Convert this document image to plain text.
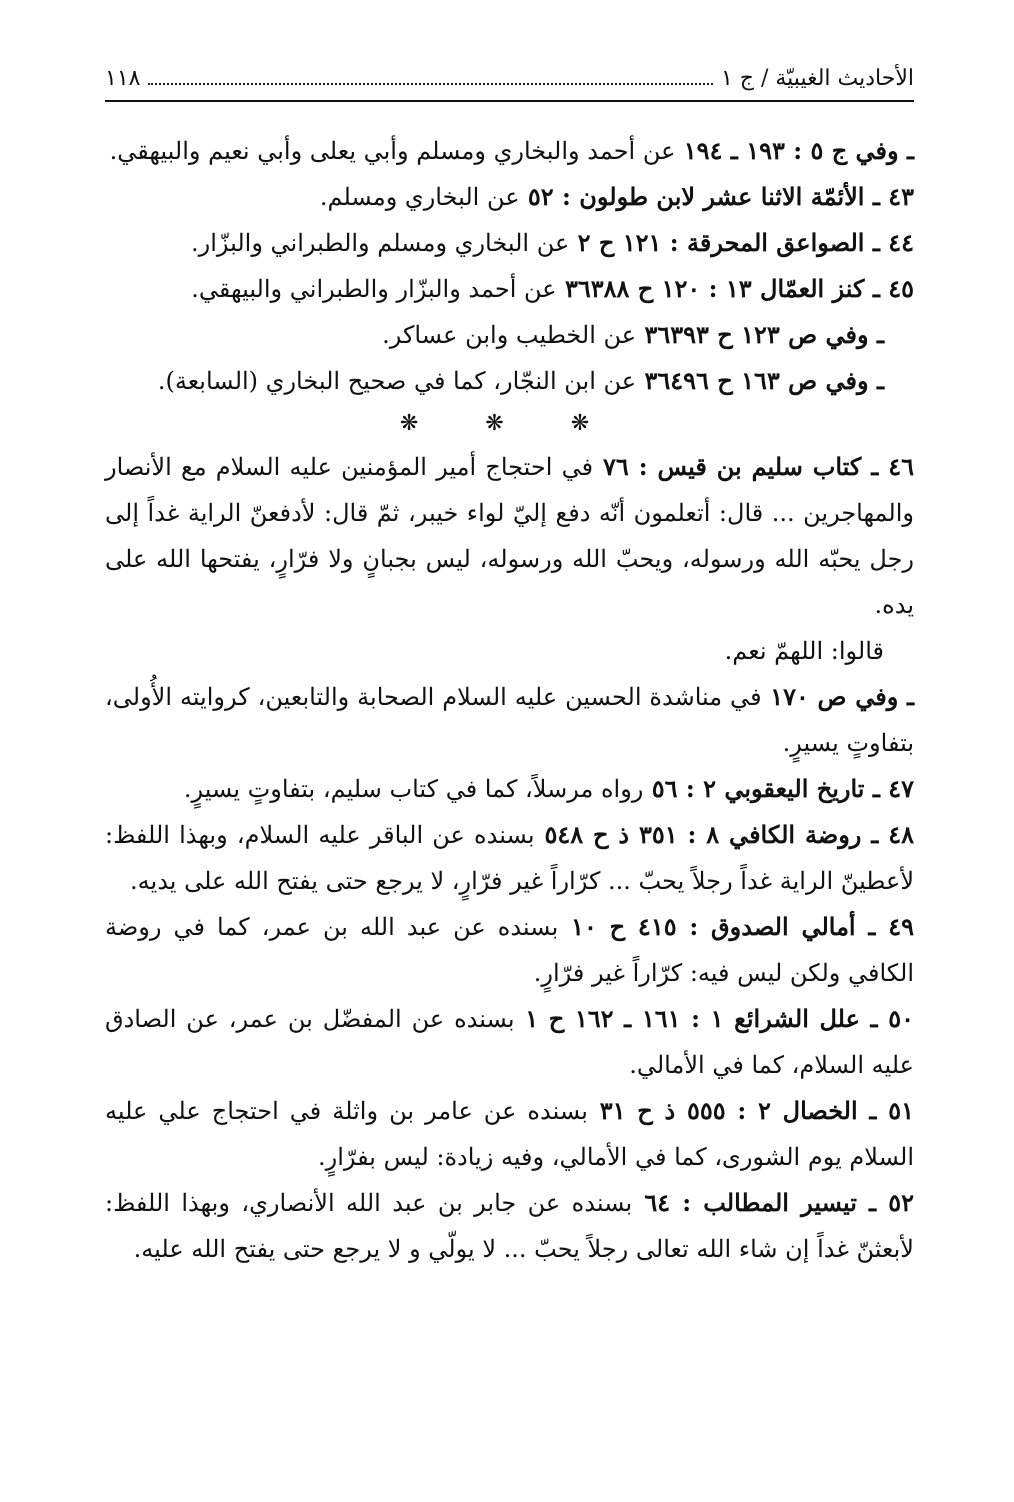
١١٨	الأحاديث الغيبيّة / ج ١

ـ وفي ج ٥ : ١٩٣ ـ ١٩٤ عن أحمد والبخاري ومسلم وأبي يعلى وأبي نعيم والبيهقي.

٤٣ ـ الأئمّة الاثنا عشر لابن طولون : ٥٢ عن البخاري ومسلم.

٤٤ ـ الصواعق المحرقة : ١٢١ ح ٢ عن البخاري ومسلم والطبراني والبزّار.

٤٥ ـ كنز العمّال ١٣ : ١٢٠ ح ٣٦٣٨٨ عن أحمد والبزّار والطبراني والبيهقي.

ـ وفي ص ١٢٣ ح ٣٦٣٩٣ عن الخطيب وابن عساكر.

ـ وفي ص ١٦٣ ح ٣٦٤٩٦ عن ابن النجّار، كما في صحيح البخاري (السابعة).

❋ ❋ ❋

٤٦ ـ كتاب سليم بن قيس : ٧٦ في احتجاج أمير المؤمنين عليه السلام مع الأنصار والمهاجرين ... قال: أتعلمون أنّه دفع إليّ لواء خيبر، ثمّ قال: لأدفعنّ الراية غداً إلى رجل يحبّه الله ورسوله، ويحبّ الله ورسوله، ليس بجبانٍ ولا فرّارٍ، يفتحها الله على يده.

قالوا: اللهمّ نعم.

ـ وفي ص ١٧٠ في مناشدة الحسين عليه السلام الصحابة والتابعين، كروايته الأُولى، بتفاوتٍ يسيرٍ.

٤٧ ـ تاريخ اليعقوبي ٢ : ٥٦ رواه مرسلاً، كما في كتاب سليم، بتفاوتٍ يسيرٍ.

٤٨ ـ روضة الكافي ٨ : ٣٥١ ذ ح ٥٤٨ بسنده عن الباقر عليه السلام، وبهذا اللفظ: لأعطينّ الراية غداً رجلاً يحبّ ... كرّاراً غير فرّارٍ، لا يرجع حتى يفتح الله على يديه.

٤٩ ـ أمالي الصدوق : ٤١٥ ح ١٠ بسنده عن عبد الله بن عمر، كما في روضة الكافي ولكن ليس فيه: كرّاراً غير فرّارٍ.

٥٠ ـ علل الشرائع ١ : ١٦١ ـ ١٦٢ ح ١ بسنده عن المفضّل بن عمر، عن الصادق عليه السلام، كما في الأمالي.

٥١ ـ الخصال ٢ : ٥٥٥ ذ ح ٣١ بسنده عن عامر بن واثلة في احتجاج علي عليه السلام يوم الشورى، كما في الأمالي، وفيه زيادة: ليس بفرّارٍ.

٥٢ ـ تيسير المطالب : ٦٤ بسنده عن جابر بن عبد الله الأنصاري، وبهذا اللفظ: لأبعثنّ غداً إن شاء الله تعالى رجلاً يحبّ ... لا يولّي و لا يرجع حتى يفتح الله عليه.
